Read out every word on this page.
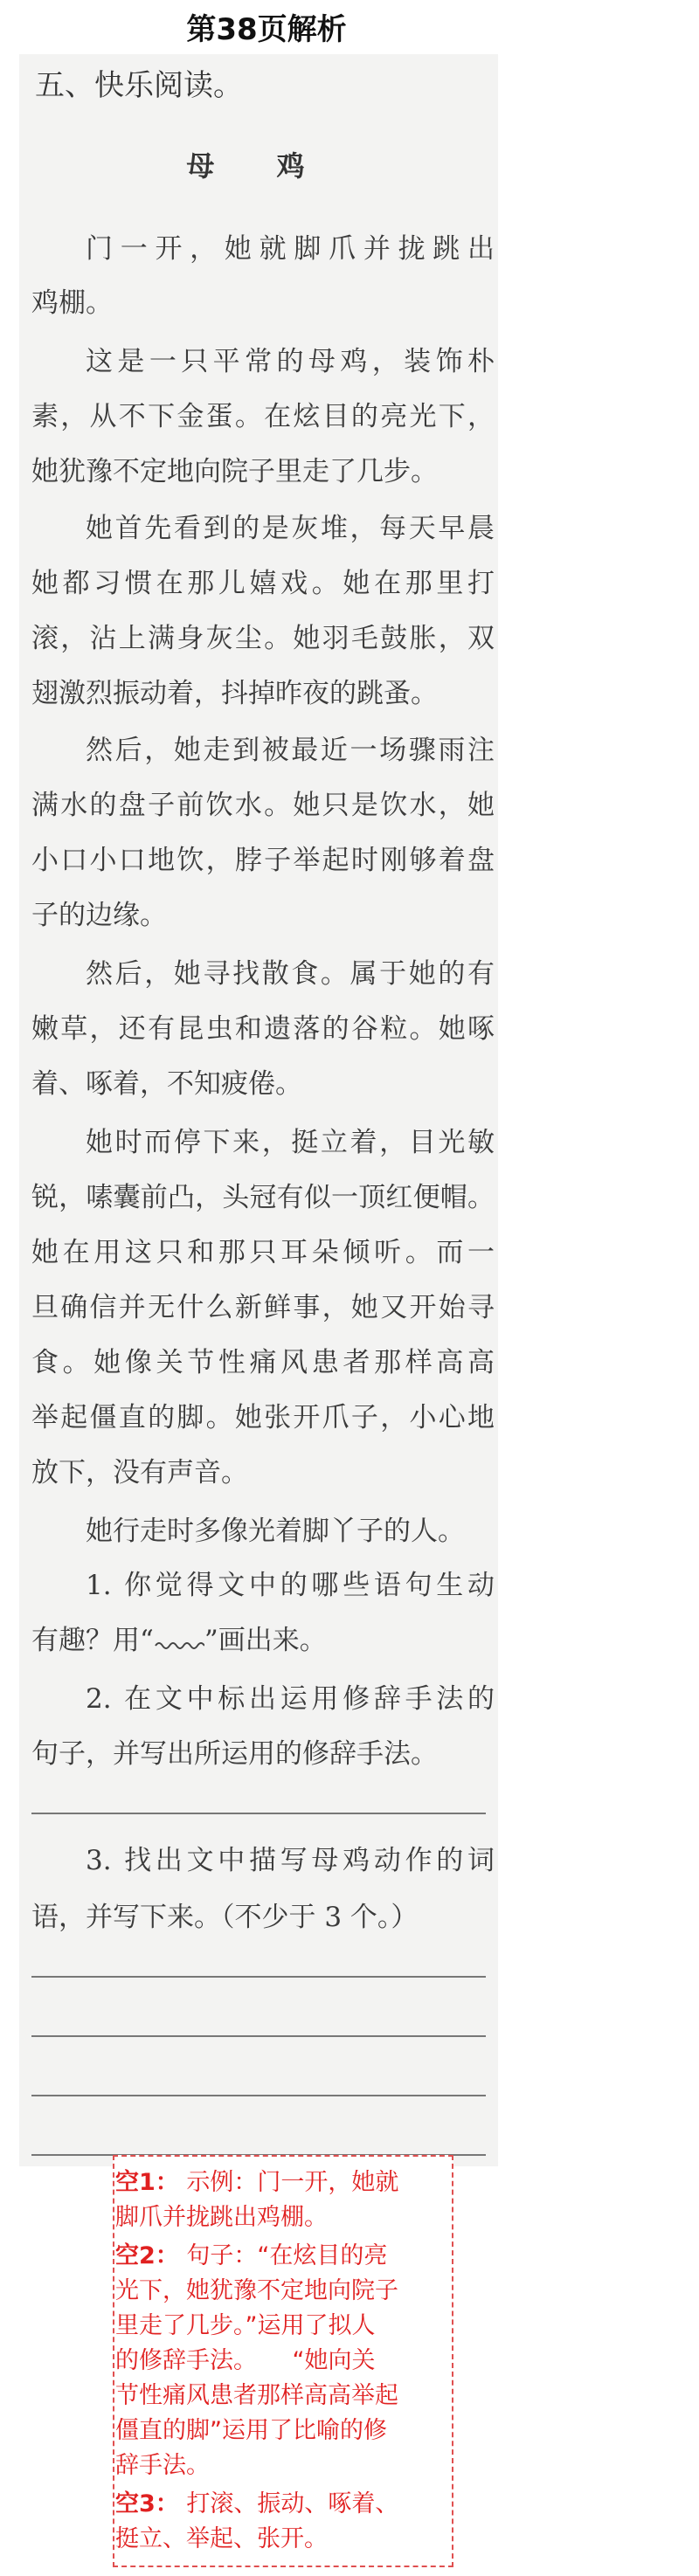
第38页解析
五、快乐阅读。
母 鸡
门一开，她就脚爪并拢跳出
鸡棚。
这是一只平常的母鸡，装饰朴
素，从不下金蛋。在炫目的亮光下，
她犹豫不定地向院子里走了几步。
她首先看到的是灰堆，每天早晨
她都习惯在那儿嬉戏。她在那里打
滚，沾上满身灰尘。她羽毛鼓胀，双
翅激烈振动着，抖掉昨夜的跳蚤。
然后，她走到被最近一场骤雨注
满水的盘子前饮水。她只是饮水，她
小口小口地饮，脖子举起时刚够着盘
子的边缘。
然后，她寻找散食。属于她的有
嫩草，还有昆虫和遗落的谷粒。她啄
着、啄着，不知疲倦。
她时而停下来，挺立着，目光敏
锐，嗉囊前凸，头冠有似一顶红便帽。
她在用这只和那只耳朵倾听。而一
旦确信并无什么新鲜事，她又开始寻
食。她像关节性痛风患者那样高高
举起僵直的脚。她张开爪子，小心地
放下，没有声音。
她行走时多像光着脚丫子的人。
1. 你觉得文中的哪些语句生动
有趣？用“ ”画出来。
2. 在文中标出运用修辞手法的
句子，并写出所运用的修辞手法。
3. 找出文中描写母鸡动作的词
语，并写下来。（不少于 3 个。）
空1： 示例：门一开，她就
脚爪并拢跳出鸡棚。
空2： 句子：“在炫目的亮
光下，她犹豫不定地向院子
里走了几步。”运用了拟人
的修辞手法。　　“她向关
节性痛风患者那样高高举起
僵直的脚”运用了比喻的修
辞手法。
空3： 打滚、振动、啄着、
挺立、举起、张开。
